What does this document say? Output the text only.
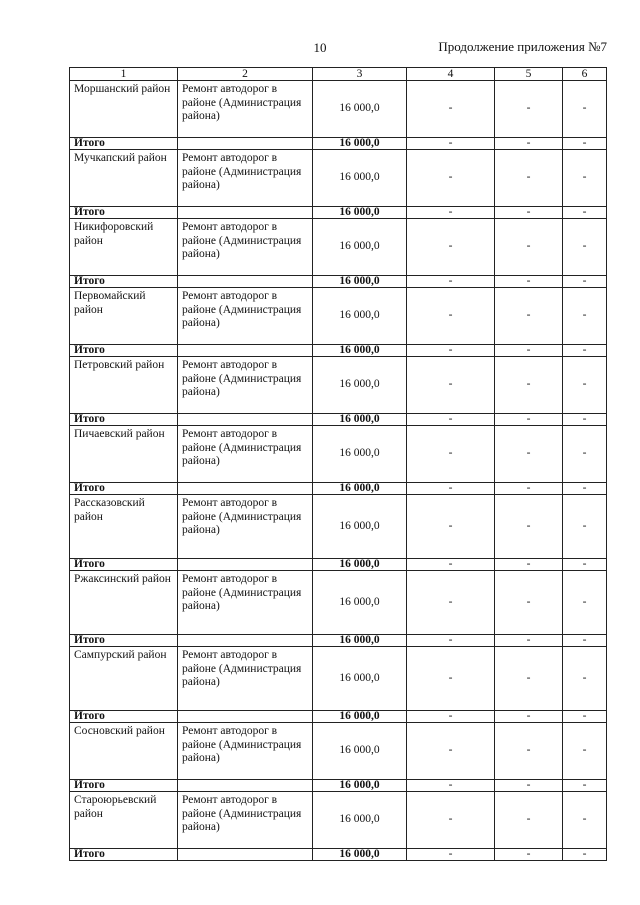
10	Продолжение приложения №7
1	2	3	4	5	6
Моршанский район	Ремонт автодорог в районе (Администрация района)	16 000,0	-	-	-
Итого		16 000,0	-	-	-
Мучкапский район	Ремонт автодорог в районе (Администрация района)	16 000,0	-	-	-
Итого		16 000,0	-	-	-
Никифоровский район	Ремонт автодорог в районе (Администрация района)	16 000,0	-	-	-
Итого		16 000,0	-	-	-
Первомайский район	Ремонт автодорог в районе (Администрация района)	16 000,0	-	-	-
Итого		16 000,0	-	-	-
Петровский район	Ремонт автодорог в районе (Администрация района)	16 000,0	-	-	-
Итого		16 000,0	-	-	-
Пичаевский район	Ремонт автодорог в районе (Администрация района)	16 000,0	-	-	-
Итого		16 000,0	-	-	-
Рассказовский район	Ремонт автодорог в районе (Администрация района)	16 000,0	-	-	-
Итого		16 000,0	-	-	-
Ржаксинский район	Ремонт автодорог в районе (Администрация района)	16 000,0	-	-	-
Итого		16 000,0	-	-	-
Сампурский район	Ремонт автодорог в районе (Администрация района)	16 000,0	-	-	-
Итого		16 000,0	-	-	-
Сосновский район	Ремонт автодорог в районе (Администрация района)	16 000,0	-	-	-
Итого		16 000,0	-	-	-
Староюрьевский район	Ремонт автодорог в районе (Администрация района)	16 000,0	-	-	-
Итого		16 000,0	-	-	-
